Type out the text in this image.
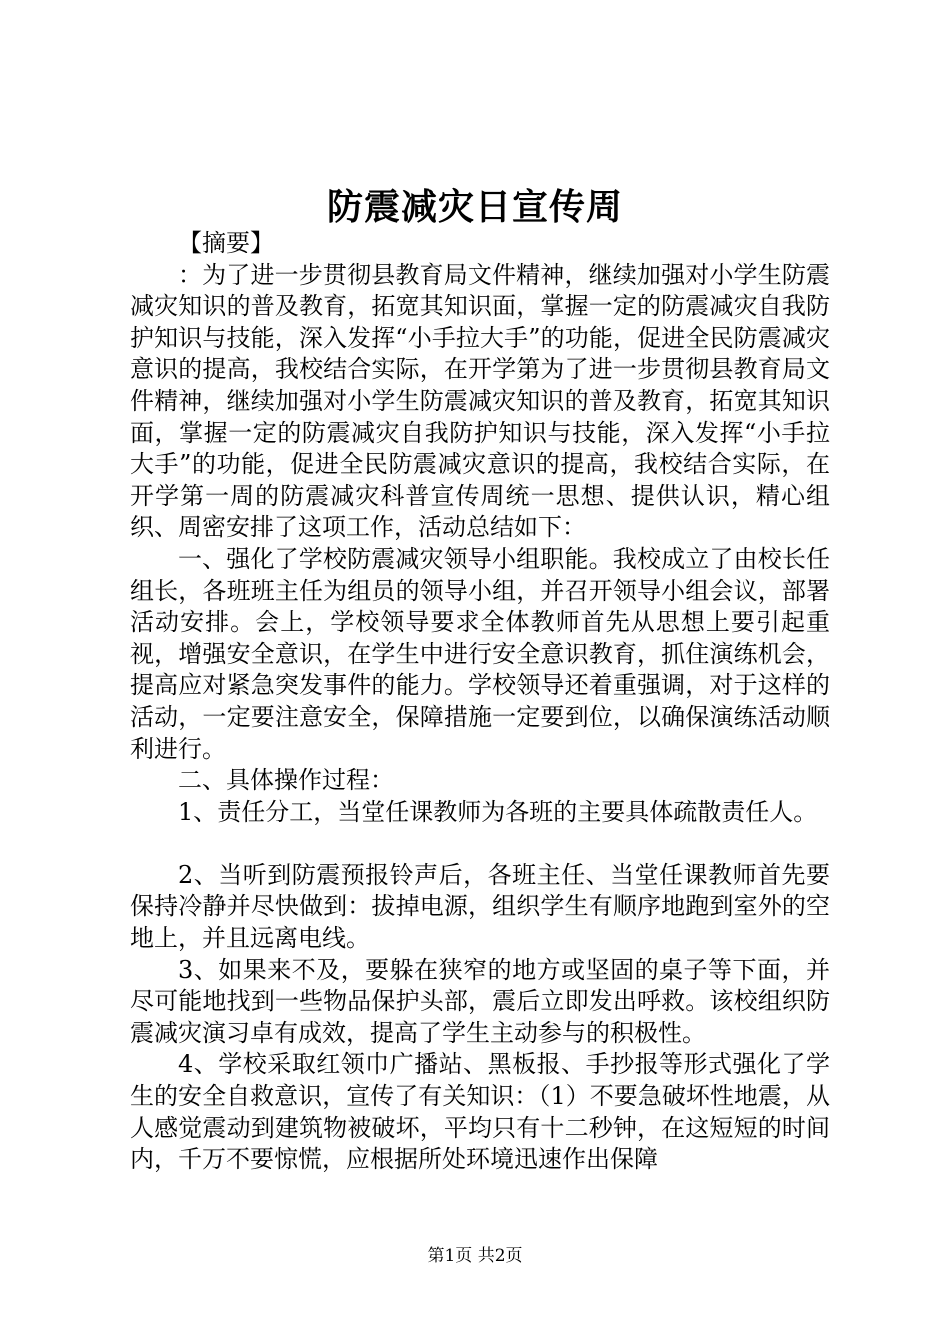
防震减灾日宣传周

【摘要】

：为了进一步贯彻县教育局文件精神，继续加强对小学生防震减灾知识的普及教育，拓宽其知识面，掌握一定的防震减灾自我防护知识与技能，深入发挥“小手拉大手”的功能，促进全民防震减灾意识的提高，我校结合实际，在开学第为了进一步贯彻县教育局文件精神，继续加强对小学生防震减灾知识的普及教育，拓宽其知识面，掌握一定的防震减灾自我防护知识与技能，深入发挥“小手拉大手”的功能，促进全民防震减灾意识的提高，我校结合实际，在开学第一周的防震减灾科普宣传周统一思想、提供认识，精心组织、周密安排了这项工作，活动总结如下：

一、强化了学校防震减灾领导小组职能。我校成立了由校长任组长，各班班主任为组员的领导小组，并召开领导小组会议，部署活动安排。会上，学校领导要求全体教师首先从思想上要引起重视，增强安全意识，在学生中进行安全意识教育，抓住演练机会，提高应对紧急突发事件的能力。学校领导还着重强调，对于这样的活动，一定要注意安全，保障措施一定要到位，以确保演练活动顺利进行。

二、具体操作过程：

1、责任分工，当堂任课教师为各班的主要具体疏散责任人。

2、当听到防震预报铃声后，各班主任、当堂任课教师首先要保持冷静并尽快做到：拔掉电源，组织学生有顺序地跑到室外的空地上，并且远离电线。

3、如果来不及，要躲在狭窄的地方或坚固的桌子等下面，并尽可能地找到一些物品保护头部，震后立即发出呼救。该校组织防震减灾演习卓有成效，提高了学生主动参与的积极性。

4、学校采取红领巾广播站、黑板报、手抄报等形式强化了学生的安全自救意识，宣传了有关知识：（1）不要急破坏性地震，从人感觉震动到建筑物被破坏，平均只有十二秒钟，在这短短的时间内，千万不要惊慌，应根据所处环境迅速作出保障

第1页 共2页
